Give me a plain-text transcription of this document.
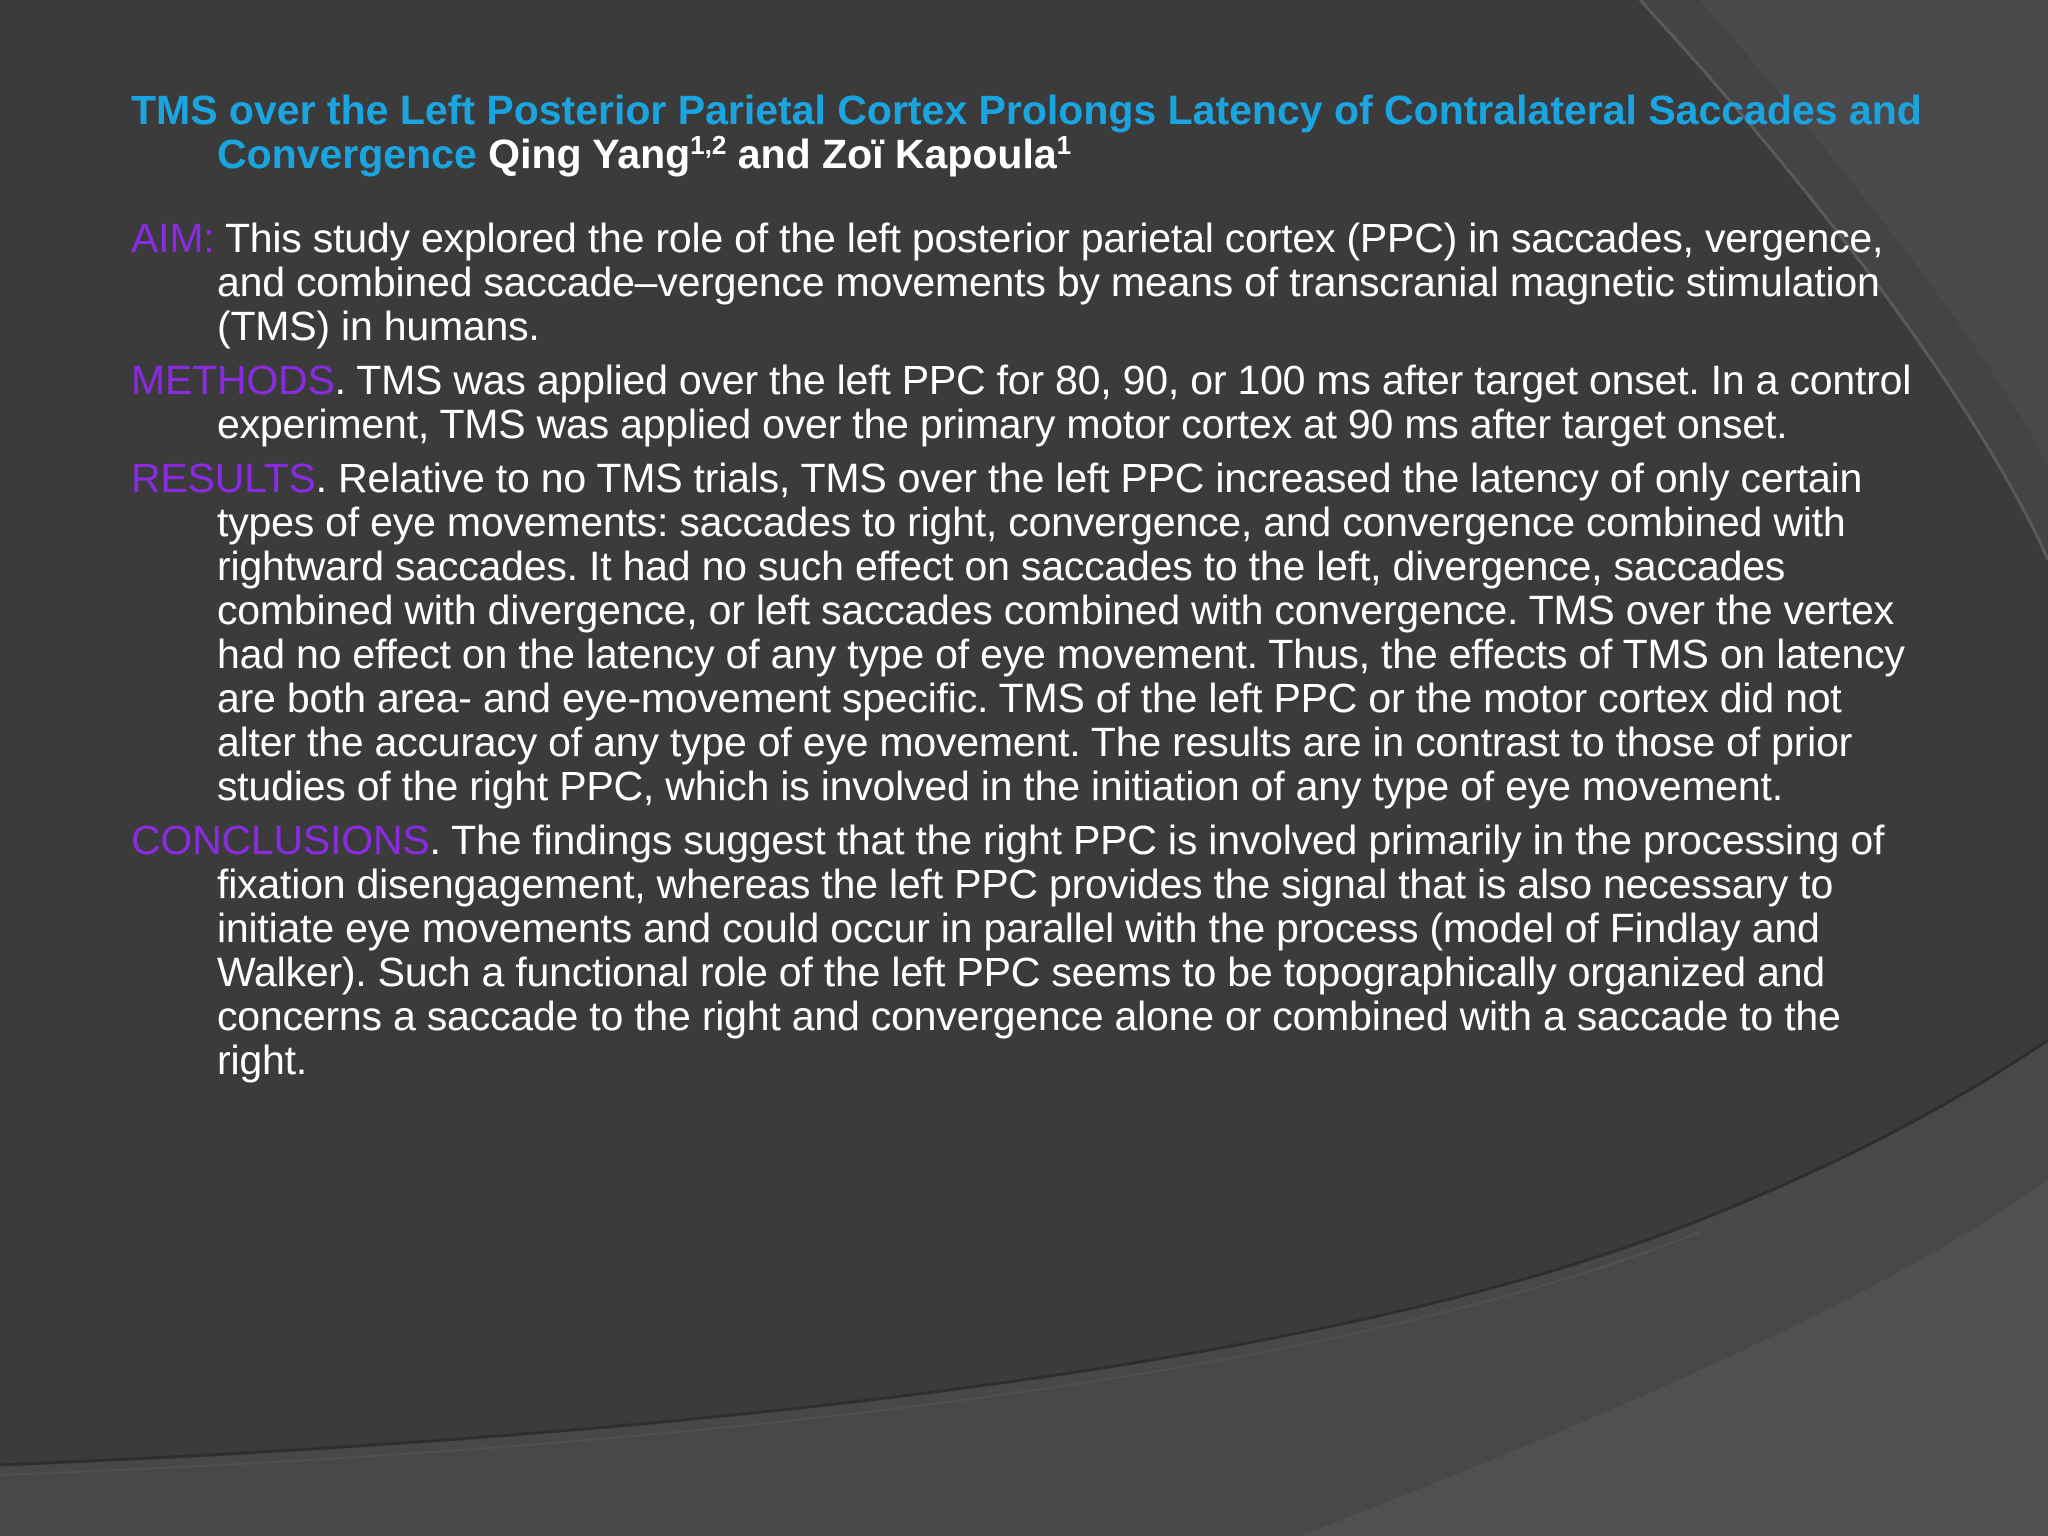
TMS over the Left Posterior Parietal Cortex Prolongs Latency of Contralateral Saccades and Convergence Qing Yang$^{1,2}$ and Zoï Kapoula$^1$

AIM: This study explored the role of the left posterior parietal cortex (PPC) in saccades, vergence, and combined saccade–vergence movements by means of transcranial magnetic stimulation (TMS) in humans.

METHODS. TMS was applied over the left PPC for 80, 90, or 100 ms after target onset. In a control experiment, TMS was applied over the primary motor cortex at 90 ms after target onset.

RESULTS. Relative to no TMS trials, TMS over the left PPC increased the latency of only certain types of eye movements: saccades to right, convergence, and convergence combined with rightward saccades. It had no such effect on saccades to the left, divergence, saccades combined with divergence, or left saccades combined with convergence. TMS over the vertex had no effect on the latency of any type of eye movement. Thus, the effects of TMS on latency are both area- and eye-movement specific. TMS of the left PPC or the motor cortex did not alter the accuracy of any type of eye movement. The results are in contrast to those of prior studies of the right PPC, which is involved in the initiation of any type of eye movement.

CONCLUSIONS. The findings suggest that the right PPC is involved primarily in the processing of fixation disengagement, whereas the left PPC provides the signal that is also necessary to initiate eye movements and could occur in parallel with the process (model of Findlay and Walker). Such a functional role of the left PPC seems to be topographically organized and concerns a saccade to the right and convergence alone or combined with a saccade to the right.
